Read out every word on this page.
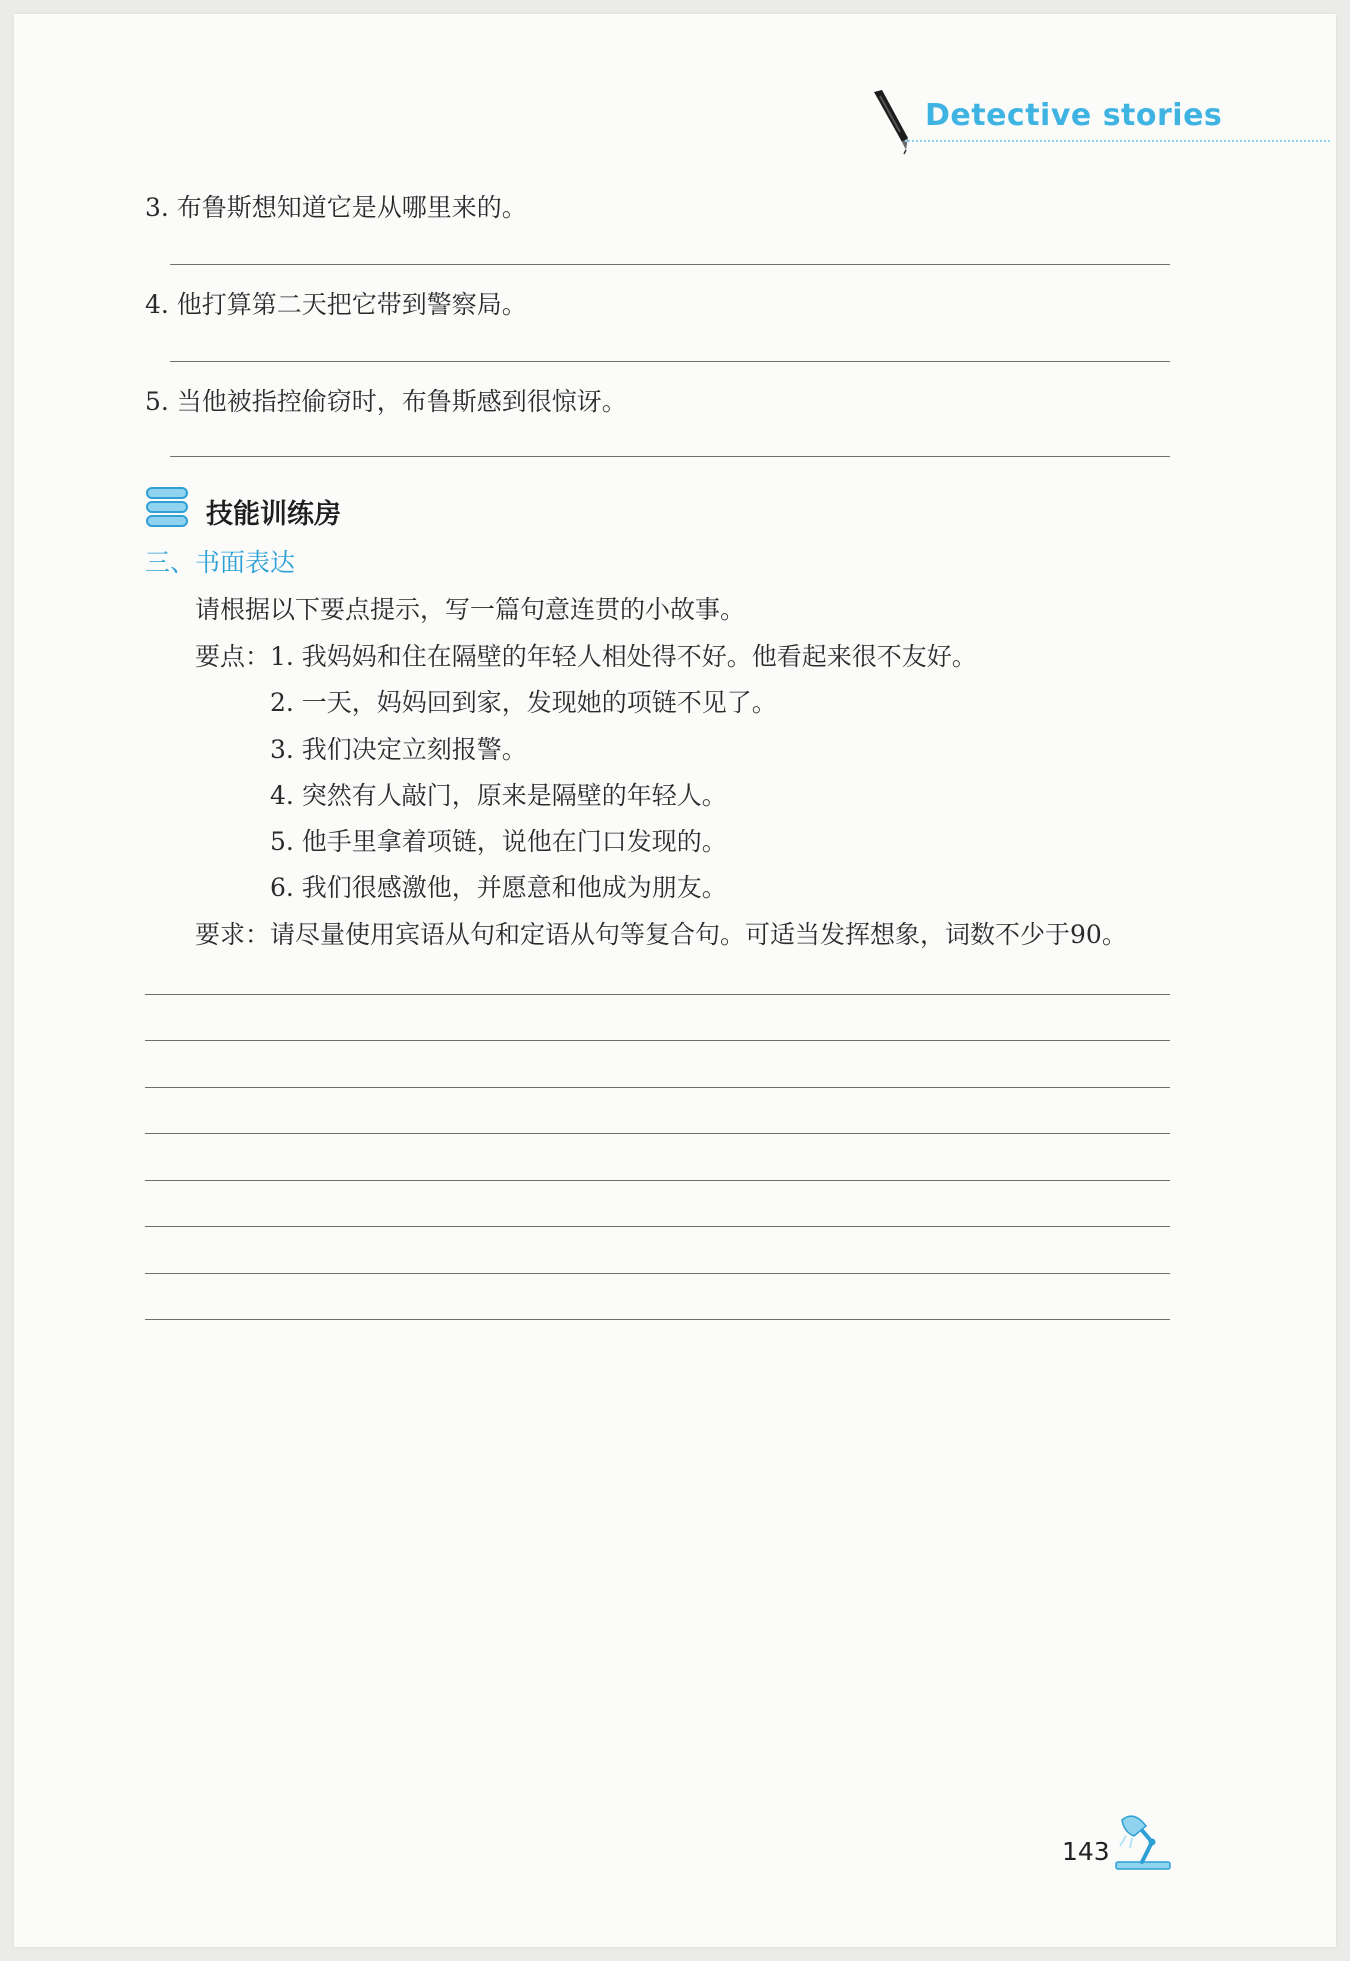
Detective stories
3. 布鲁斯想知道它是从哪里来的。
4. 他打算第二天把它带到警察局。
5. 当他被指控偷窃时，布鲁斯感到很惊讶。
技能训练房
三、书面表达
请根据以下要点提示，写一篇句意连贯的小故事。
要点： 1. 我妈妈和住在隔壁的年轻人相处得不好。他看起来很不友好。
2. 一天，妈妈回到家，发现她的项链不见了。
3. 我们决定立刻报警。
4. 突然有人敲门，原来是隔壁的年轻人。
5. 他手里拿着项链，说他在门口发现的。
6. 我们很感激他，并愿意和他成为朋友。
要求：请尽量使用宾语从句和定语从句等复合句。可适当发挥想象，词数不少于90。
143
